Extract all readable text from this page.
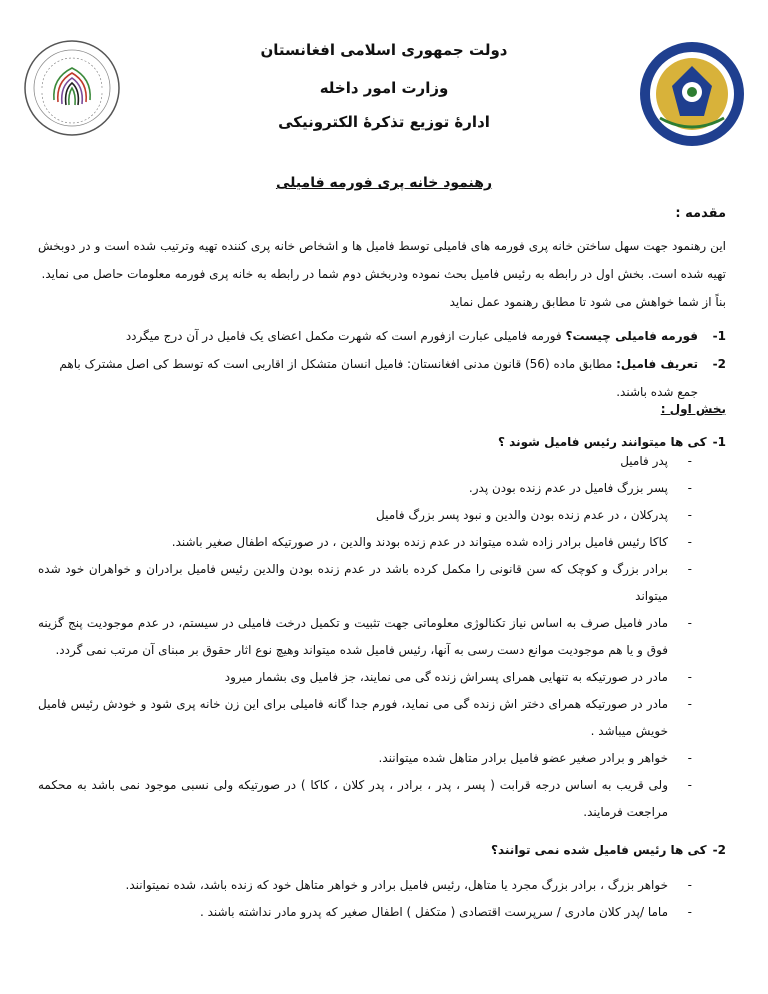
دولت جمهوری اسلامی افغانستان
وزارت امور داخله
ادارهٔ توزیع تذکرهٔ الکترونیکی
رهنمود خانه پری فورمه فامیلی
مقدمه :
این رهنمود جهت سهل ساختن خانه پری فورمه های فامیلی توسط فامیل ها و اشخاص خانه پری کننده تهیه وترتیب شده است و در دوبخش تهیه شده است. بخش اول در رابطه به رئیس فامیل بحث نموده ودربخش دوم شما در رابطه به خانه پری فورمه معلومات حاصل می نماید.
بناً از شما خواهش می شود تا مطابق رهنمود عمل نماید
1-
فورمه فامیلی چیست؟ فورمه فامیلی عبارت ازفورم است که شهرت مکمل اعضای یک فامیل در آن درج میگردد
2-
تعریف فامیل: مطابق ماده (56) قانون مدنی افغانستان: فامیل انسان متشکل از اقاربی است که توسط کی اصل مشترک باهم جمع شده باشند.
بخش اول :
1-کی ها میتوانند رئیس فامیل شوند ؟
-
پدر فامیل
-
پسر بزرگ فامیل در عدم زنده بودن پدر.
-
پدرکلان ، در عدم زنده بودن والدین و نبود پسر بزرگ فامیل
-
کاکا رئیس فامیل برادر زاده شده میتواند در عدم زنده بودند والدین ، در صورتیکه اطفال صغیر باشند.
-
برادر بزرگ و کوچک که سن قانونی را مکمل کرده باشد در عدم زنده بودن والدین رئیس فامیل برادران و خواهران خود شده میتواند
-
مادر فامیل صرف به اساس نیاز تکنالوژی معلوماتی جهت تثبیت و تکمیل درخت فامیلی در سیستم، در عدم موجودیت پنج گزینه فوق و یا هم موجودیت موانع دست رسی به آنها، رئیس فامیل شده میتواند وهیچ نوع اثار حقوق بر مبنای آن مرتب نمی گردد.
-
مادر در صورتیکه به تنهایی همرای پسراش زنده گی می نمایند، جز فامیل وی بشمار میرود
-
مادر در صورتیکه همرای دختر اش زنده گی می نماید، فورم جدا گانه فامیلی برای این زن خانه پری شود و خودش رئیس فامیل خویش میباشد .
-
خواهر و برادر صغیر عضو فامیل برادر متاهل شده میتوانند.
-
ولی قریب به اساس درجه قرابت ( پسر ، پدر ، برادر ، پدر کلان ، کاکا ) در صورتیکه ولی نسبی موجود نمی باشد به محکمه مراجعت فرمایند.
2-کی ها رئیس فامیل شده نمی توانند؟
-
خواهر بزرگ ، برادر بزرگ مجرد یا متاهل، رئیس فامیل برادر و خواهر متاهل خود که زنده باشد، شده نمیتوانند.
-
ماما /پدر کلان مادری / سرپرست اقتصادی ( متکفل ) اطفال صغیر که پدرو مادر نداشته باشند .
